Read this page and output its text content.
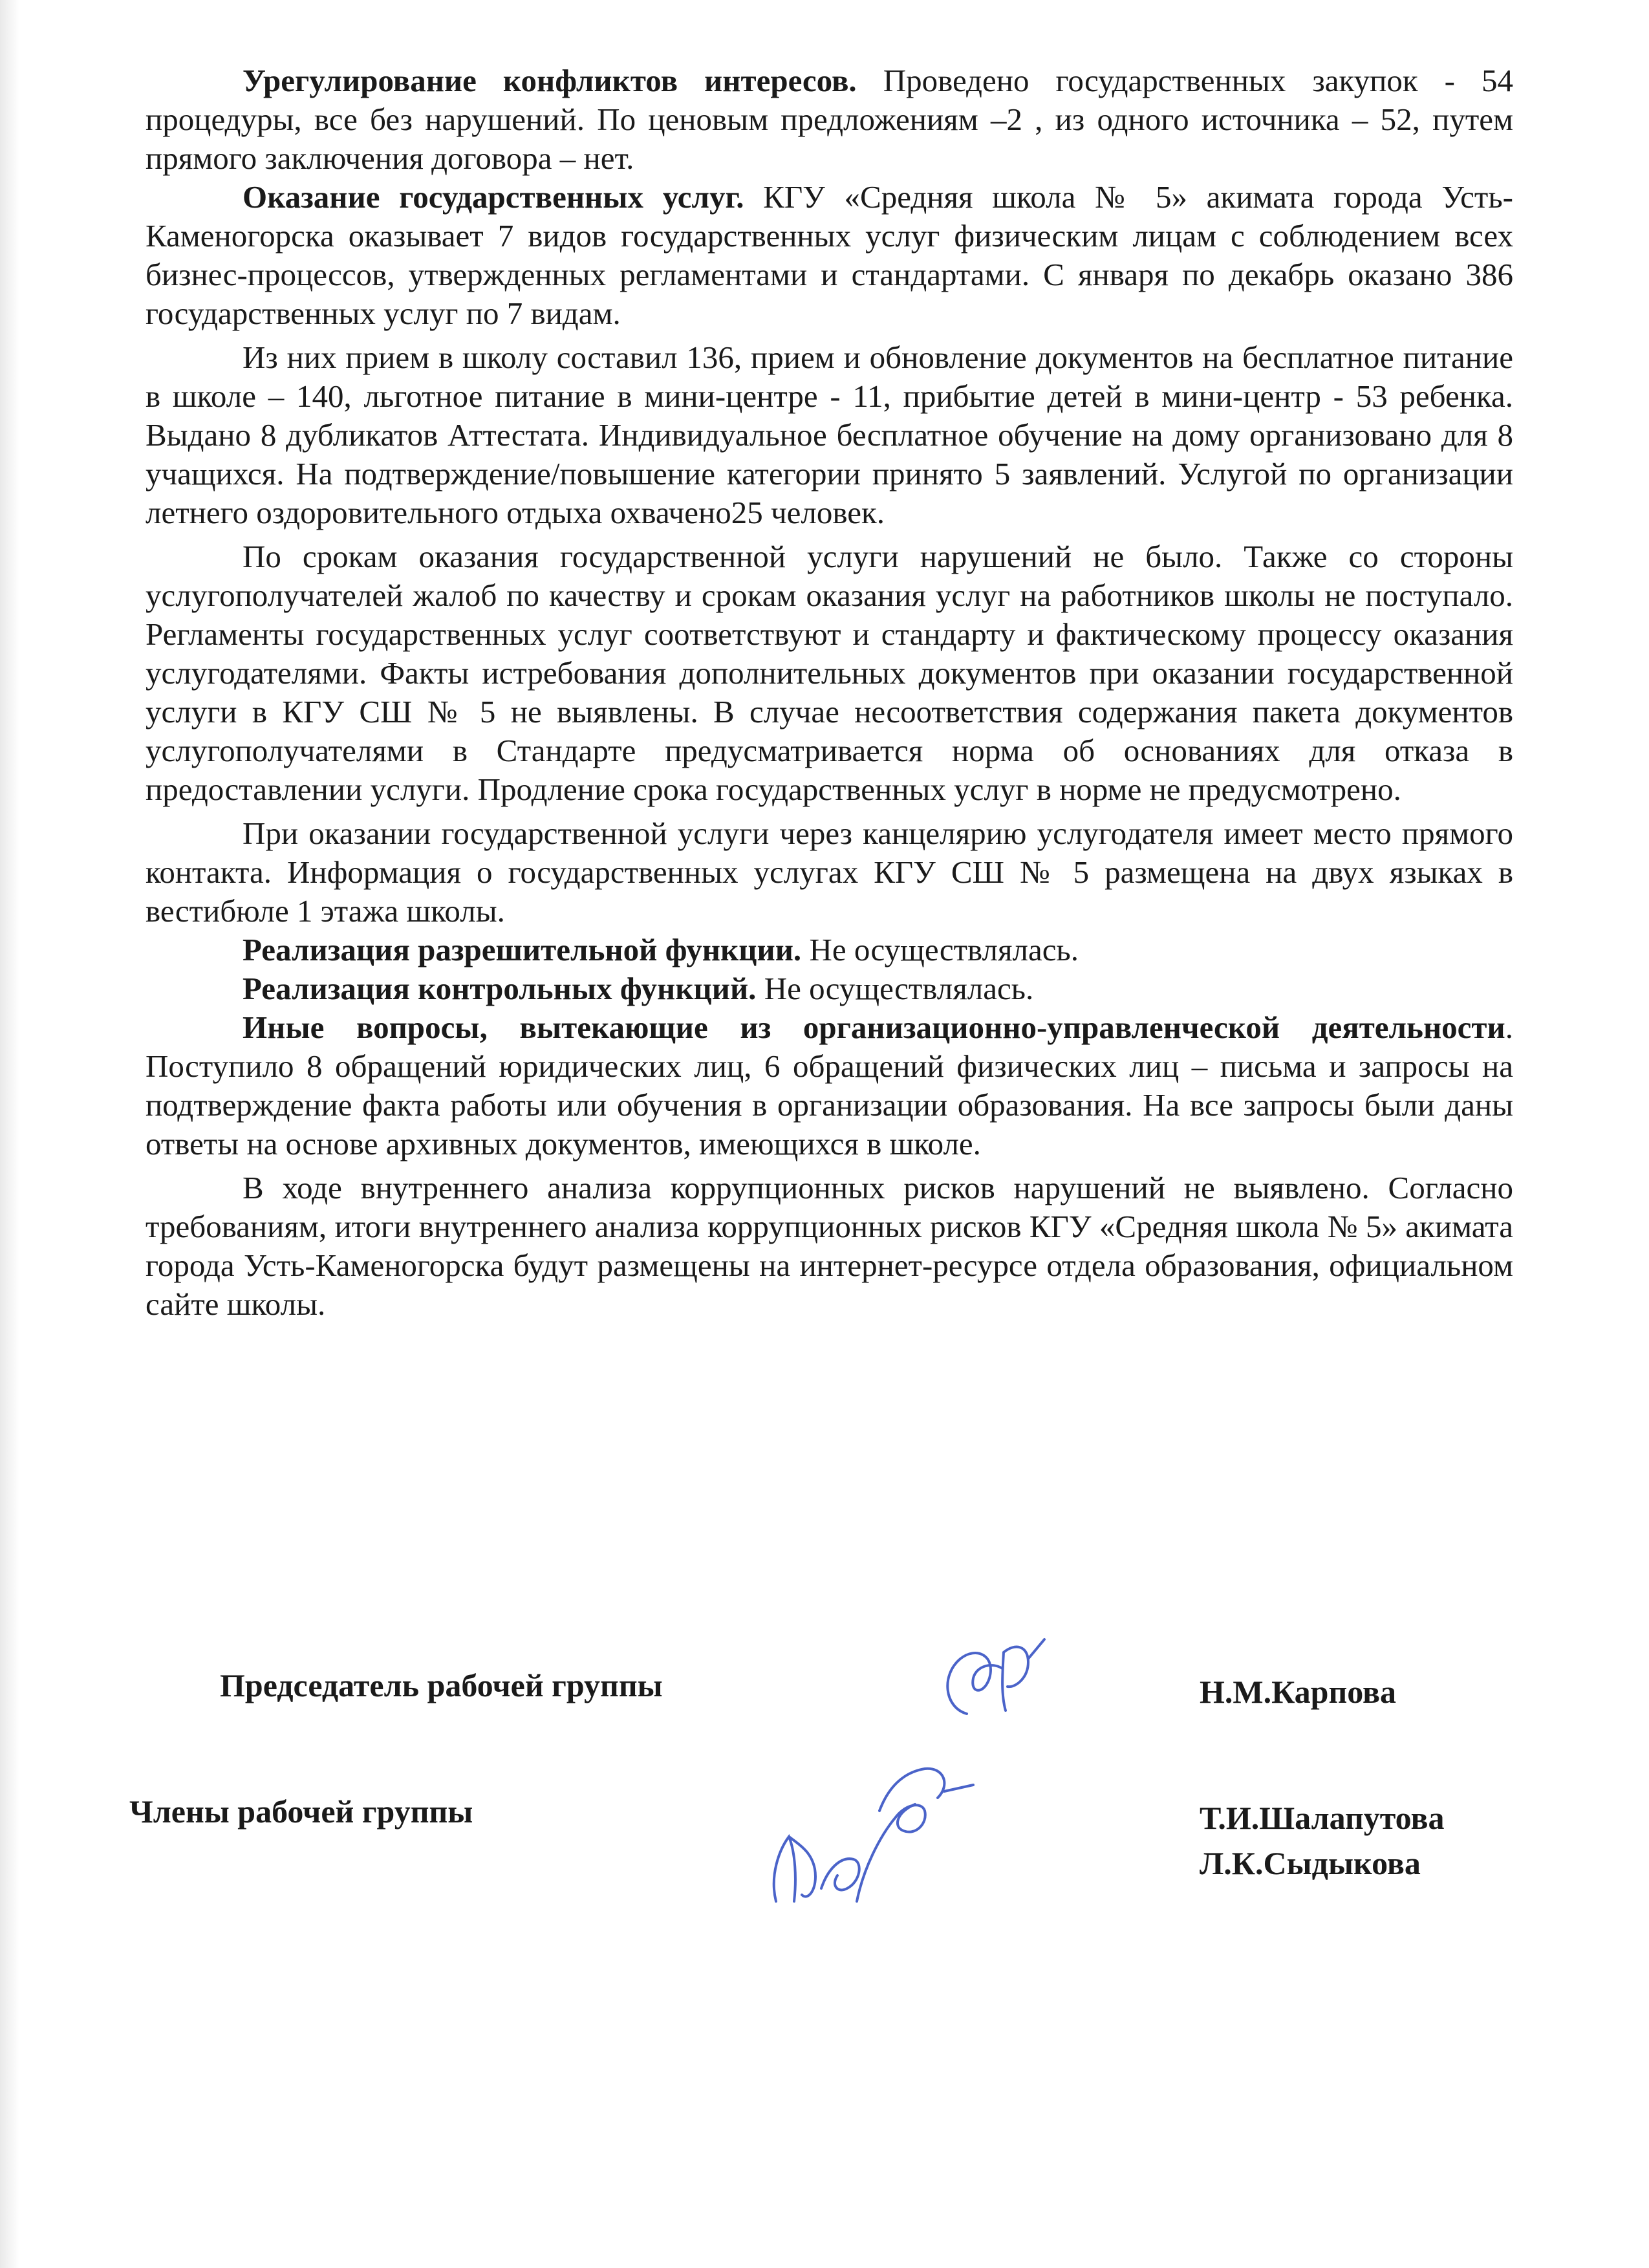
Урегулирование конфликтов интересов. Проведено государственных закупок - 54 процедуры, все без нарушений. По ценовым предложениям –2 , из одного источника – 52, путем прямого заключения договора – нет.

Оказание государственных услуг. КГУ «Средняя школа № 5» акимата города Усть-Каменогорска оказывает 7 видов государственных услуг физическим лицам с соблюдением всех бизнес-процессов, утвержденных регламентами и стандартами. С января по декабрь оказано 386 государственных услуг по 7 видам.

Из них прием в школу составил 136, прием и обновление документов на бесплатное питание в школе – 140, льготное питание в мини-центре - 11, прибытие детей в мини-центр - 53 ребенка. Выдано 8 дубликатов Аттестата. Индивидуальное бесплатное обучение на дому организовано для 8 учащихся. На подтверждение/повышение категории принято 5 заявлений. Услугой по организации летнего оздоровительного отдыха охвачено25 человек.

По срокам оказания государственной услуги нарушений не было. Также со стороны услугополучателей жалоб по качеству и срокам оказания услуг на работников школы не поступало. Регламенты государственных услуг соответствуют и стандарту и фактическому процессу оказания услугодателями. Факты истребования дополнительных документов при оказании государственной услуги в КГУ СШ № 5 не выявлены. В случае несоответствия содержания пакета документов услугополучателями в Стандарте предусматривается норма об основаниях для отказа в предоставлении услуги. Продление срока государственных услуг в норме не предусмотрено.

При оказании государственной услуги через канцелярию услугодателя имеет место прямого контакта. Информация о государственных услугах КГУ СШ № 5 размещена на двух языках в вестибюле 1 этажа школы.

Реализация разрешительной функции. Не осуществлялась.

Реализация контрольных функций. Не осуществлялась.

Иные вопросы, вытекающие из организационно-управленческой деятельности. Поступило 8 обращений юридических лиц, 6 обращений физических лиц – письма и запросы на подтверждение факта работы или обучения в организации образования. На все запросы были даны ответы на основе архивных документов, имеющихся в школе.

В ходе внутреннего анализа коррупционных рисков нарушений не выявлено. Согласно требованиям, итоги внутреннего анализа коррупционных рисков КГУ «Средняя школа № 5» акимата города Усть-Каменогорска будут размещены на интернет-ресурсе отдела образования, официальном сайте школы.

Председатель рабочей группы	Н.М.Карпова
Члены рабочей группы	Т.И.Шалапутова
Л.К.Сыдыкова
